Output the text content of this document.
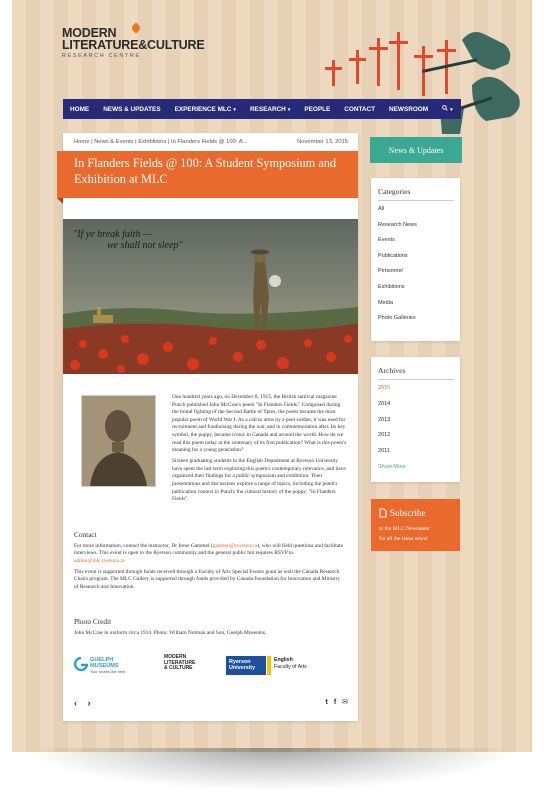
MODERN
LITERATURE&CULTURE
RESEARCH CENTRE
HOME	NEWS & UPDATES	EXPERIENCE MLC ▾	RESEARCH ▾	PEOPLE	CONTACT	NEWSROOM	▾
Home | News & Events | Exhibitions | In Flanders Fields @ 100: A...	November 13, 2015
In Flanders Fields @ 100: A Student Symposium and Exhibition at MLC
"If ye break faith —
we shall not sleep"

One hundred years ago, on December 8, 1915, the British satirical magazine Punch published John McCrae's poem "In Flanders Fields." Composed during the brutal fighting of the Second Battle of Ypres, the poem became the most popular poem of World War I. As a call to arms by a poet soldier, it was used for recruitment and fundraising during the war, and in commemoration after. Its key symbol, the poppy, became iconic in Canada and around the world. How do we read this poem today at the centenary of its first publication? What is this poem's meaning for a young generation?

Sixteen graduating students in the English Department at Ryerson University have spent the last term exploring this poem's contemporary relevance, and have organized their findings for a public symposium and exhibition. Their presentations and discussions explore a range of topics, including the poem's publication context in Punch; the cultural history of the poppy; "In Flanders Fields".

Contact

For more information, contact the instructor, Dr Irene Gammel (gammel@ryerson.ca), who will field questions and facilitate interviews. This event is open to the Ryerson community and the general public but requires RSVP to admin@mlc.ryerson.ca

This event is supported through funds received through a Faculty of Arts Special Events grant as well the Canada Research Chairs program. The MLC Gallery is supported through funds provided by Canada Foundation for Innovation and Ministry of Research and Innovation.

Photo Credit

John McCrae in uniform circa 1914. Photo: William Notman and Son, Guelph Museums.

GUELPH
MUSEUMS
Your stories live here.
MODERN
LITERATURE
& CULTURE
Ryerson
University
English
Faculty of Arts
‹ ›	t f ✉
News & Updates
Categories
All
Research News
Events
Publications
Personnel
Exhibitions
Media
Photo Galleries
Archives
2015
2014
2013
2012
2011
Show More
Subscribe
to the MLC Newsletter
for all the latest news!
